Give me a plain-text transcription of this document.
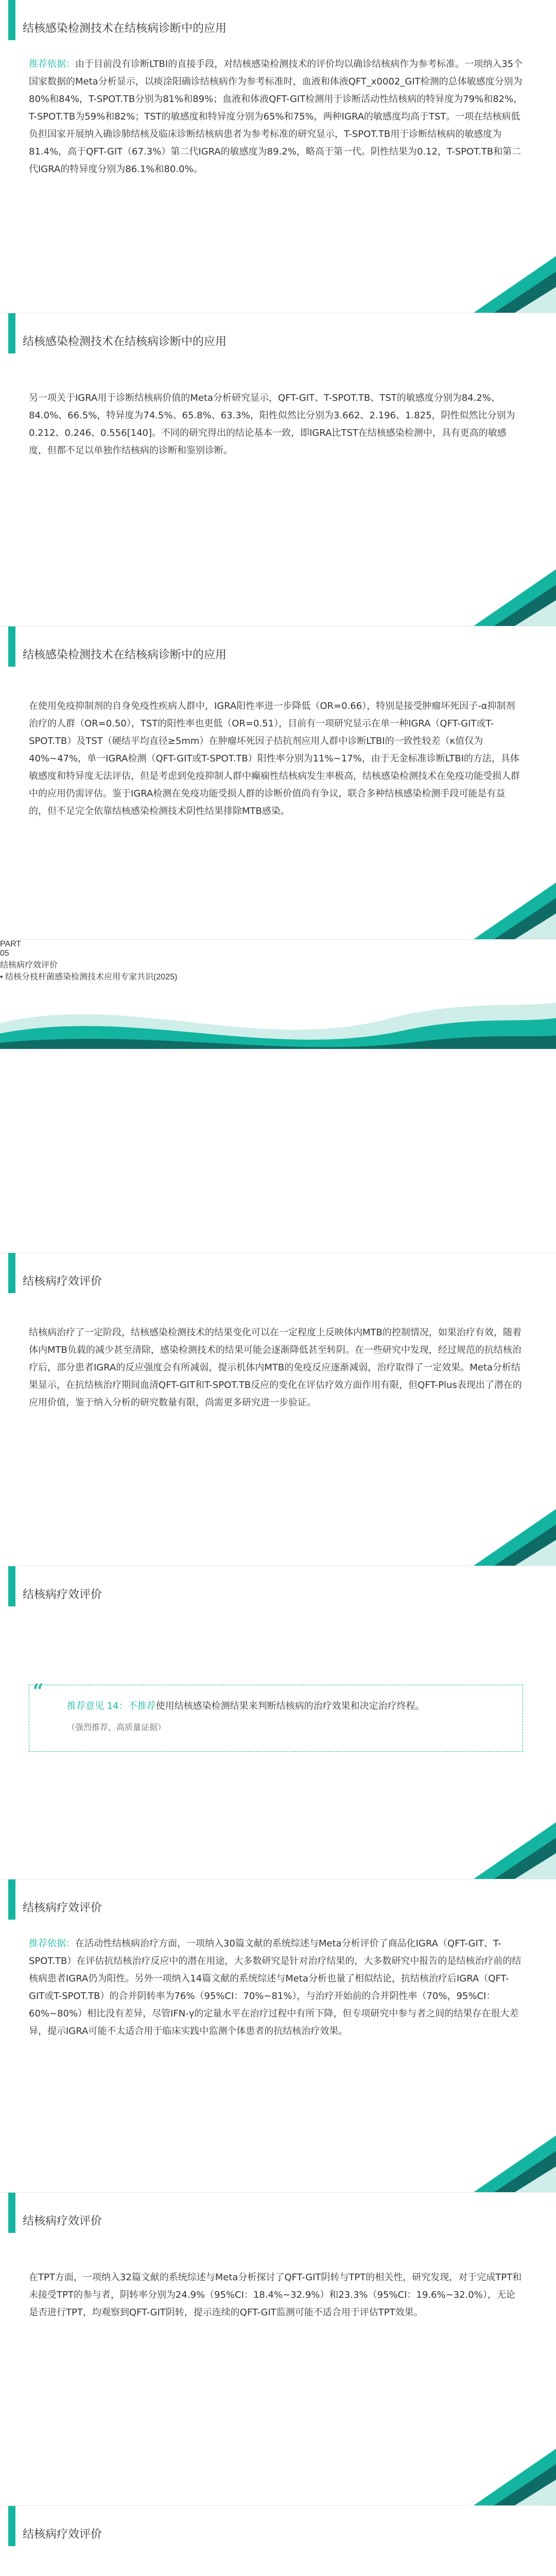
结核感染检测技术在结核病诊断中的应用
推荐依据：由于目前没有诊断LTBI的直接手段，对结核感染检测技术的评价均以确诊结核病作为参考标准。一项纳入35个国家数据的Meta分析显示，以痰涂阳确诊结核病作为参考标准时，血液和体液QFT_x0002_GIT检测的总体敏感度分别为80%和84%，T-SPOT.TB分别为81%和89%；血液和体液QFT-GIT检测用于诊断活动性结核病的特异度为79%和82%，T-SPOT.TB为59%和82%；TST的敏感度和特异度分别为65%和75%，两种IGRA的敏感度均高于TST。一项在结核病低负担国家开展纳入确诊肺结核及临床诊断结核病患者为参考标准的研究显示，T-SPOT.TB用于诊断结核病的敏感度为81.4%，高于QFT-GIT（67.3%）第二代IGRA的敏感度为89.2%，略高于第一代。阴性结果为0.12，T-SPOT.TB和第二代IGRA的特异度分别为86.1%和80.0%。
结核感染检测技术在结核病诊断中的应用
另一项关于IGRA用于诊断结核病价值的Meta分析研究显示，QFT-GIT、T-SPOT.TB、TST的敏感度分别为84.2%、84.0%、66.5%，特异度为74.5%、65.8%、63.3%，阳性似然比分别为3.662、2.196、1.825，阴性似然比分别为0.212、0.246、0.556[140]。不同的研究得出的结论基本一致，即IGRA比TST在结核感染检测中，具有更高的敏感度，但都不足以单独作结核病的诊断和鉴别诊断。
结核感染检测技术在结核病诊断中的应用
在使用免疫抑制剂的自身免疫性疾病人群中，IGRA阳性率进一步降低（OR=0.66），特别是接受肿瘤坏死因子-α抑制剂治疗的人群（OR=0.50），TST的阳性率也更低（OR=0.51），目前有一项研究显示在单一种IGRA（QFT-GIT或T-SPOT.TB）及TST（硬结平均直径≥5mm）在肿瘤坏死因子拮抗剂应用人群中诊断LTBI的一致性较差（κ值仅为40%~47%，单一IGRA检测（QFT-GIT或T-SPOT.TB）阳性率分别为11%~17%，由于无金标准诊断LTBI的方法，具体敏感度和特异度无法评估，但是考虑到免疫抑制人群中癫痫性结核病发生率极高，结核感染检测技术在免疫功能受损人群中的应用仍需评估。鉴于IGRA检测在免疫功能受损人群的诊断价值尚有争议，联合多种结核感染检测手段可能是有益的，但不足完全依靠结核感染检测技术阴性结果排除MTB感染。
PART
05
结核病疗效评价
• 结核分枝杆菌感染检测技术应用专家共识(2025)
结核病疗效评价
结核病治疗了一定阶段，结核感染检测技术的结果变化可以在一定程度上反映体内MTB的控制情况，如果治疗有效，随着体内MTB负载的减少甚至清除，感染检测技术的结果可能会逐渐降低甚至转阴。在一些研究中发现，经过规范的抗结核治疗后，部分患者IGRA的反应强度会有所减弱，提示机体内MTB的免疫反应逐渐减弱，治疗取得了一定效果。Meta分析结果显示，在抗结核治疗期间血清QFT-GIT和T-SPOT.TB反应的变化在评估疗效方面作用有限，但QFT-Plus表现出了潜在的应用价值，鉴于纳入分析的研究数量有限，尚需更多研究进一步验证。
结核病疗效评价
“
推荐意见 14：不推荐使用结核感染检测结果来判断结核病的治疗效果和决定治疗终程。
（强烈推荐，高质量证据）
结核病疗效评价
推荐依据：在活动性结核病治疗方面，一项纳入30篇文献的系统综述与Meta分析评价了商品化IGRA（QFT-GIT、T-SPOT.TB）在评估抗结核治疗反应中的潜在用途，大多数研究是针对治疗结果的，大多数研究中报告的是结核治疗前的结核病患者IGRA仍为阳性。另外一项纳入14篇文献的系统综述与Meta分析也量了相似结论，抗结核治疗后IGRA（QFT-GIT或T-SPOT.TB）的合并阴转率为76%（95%CI：70%~81%），与治疗开始前的合并阴性率（70%，95%CI：60%~80%）相比没有差异，尽管IFN-γ的定量水平在治疗过程中有所下降，但专项研究中参与者之间的结果存在很大差异，提示IGRA可能不太适合用于临床实践中监测个体患者的抗结核治疗效果。
结核病疗效评价
在TPT方面，一项纳入32篇文献的系统综述与Meta分析探讨了QFT-GIT阴转与TPT的相关性，研究发现，对于完成TPT和未接受TPT的参与者，阴转率分别为24.9%（95%CI：18.4%~32.9%）和23.3%（95%CI：19.6%~32.0%），无论是否进行TPT，均观察到QFT-GIT阴转，提示连续的QFT-GIT监测可能不适合用于评估TPT效果。
结核病疗效评价
